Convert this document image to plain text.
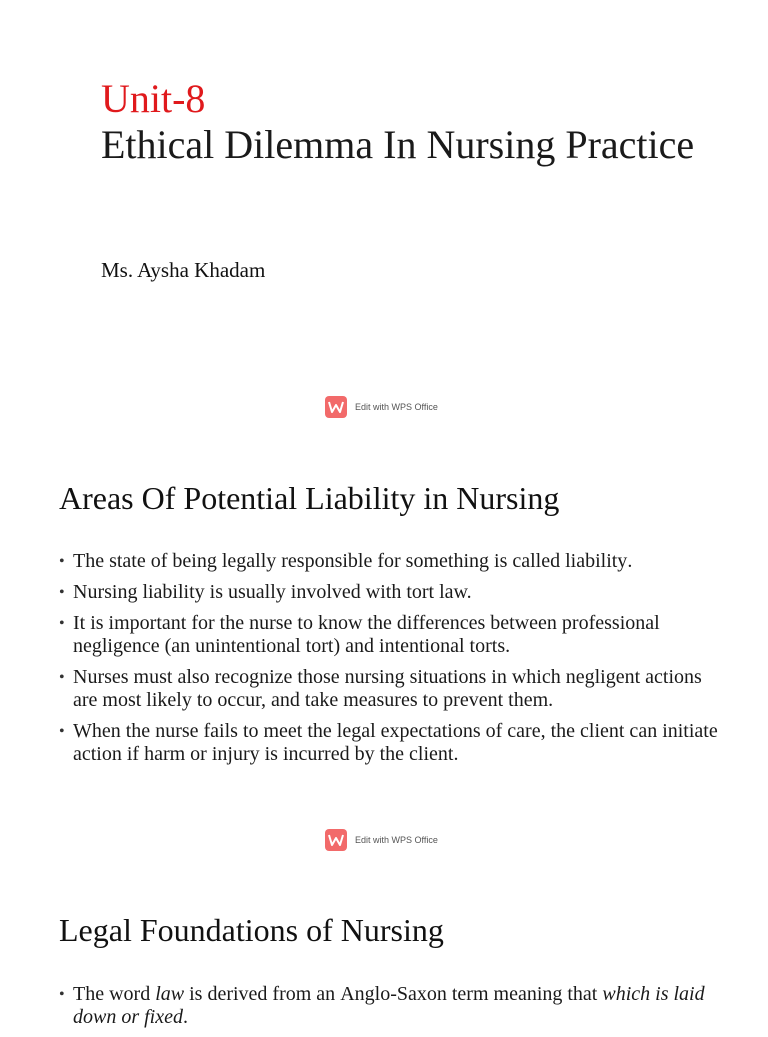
Unit-8
Ethical Dilemma In Nursing Practice
Ms. Aysha Khadam
Edit with WPS Office
Areas Of Potential Liability in Nursing
• The state of being legally responsible for something is called liability.
• Nursing liability is usually involved with tort law.
• It is important for the nurse to know the differences between professional negligence (an unintentional tort) and intentional torts.
• Nurses must also recognize those nursing situations in which negligent actions are most likely to occur, and take measures to prevent them.
• When the nurse fails to meet the legal expectations of care, the client can initiate action if harm or injury is incurred by the client.
Edit with WPS Office
Legal Foundations of Nursing
• The word law is derived from an Anglo-Saxon term meaning that which is laid down or fixed.
